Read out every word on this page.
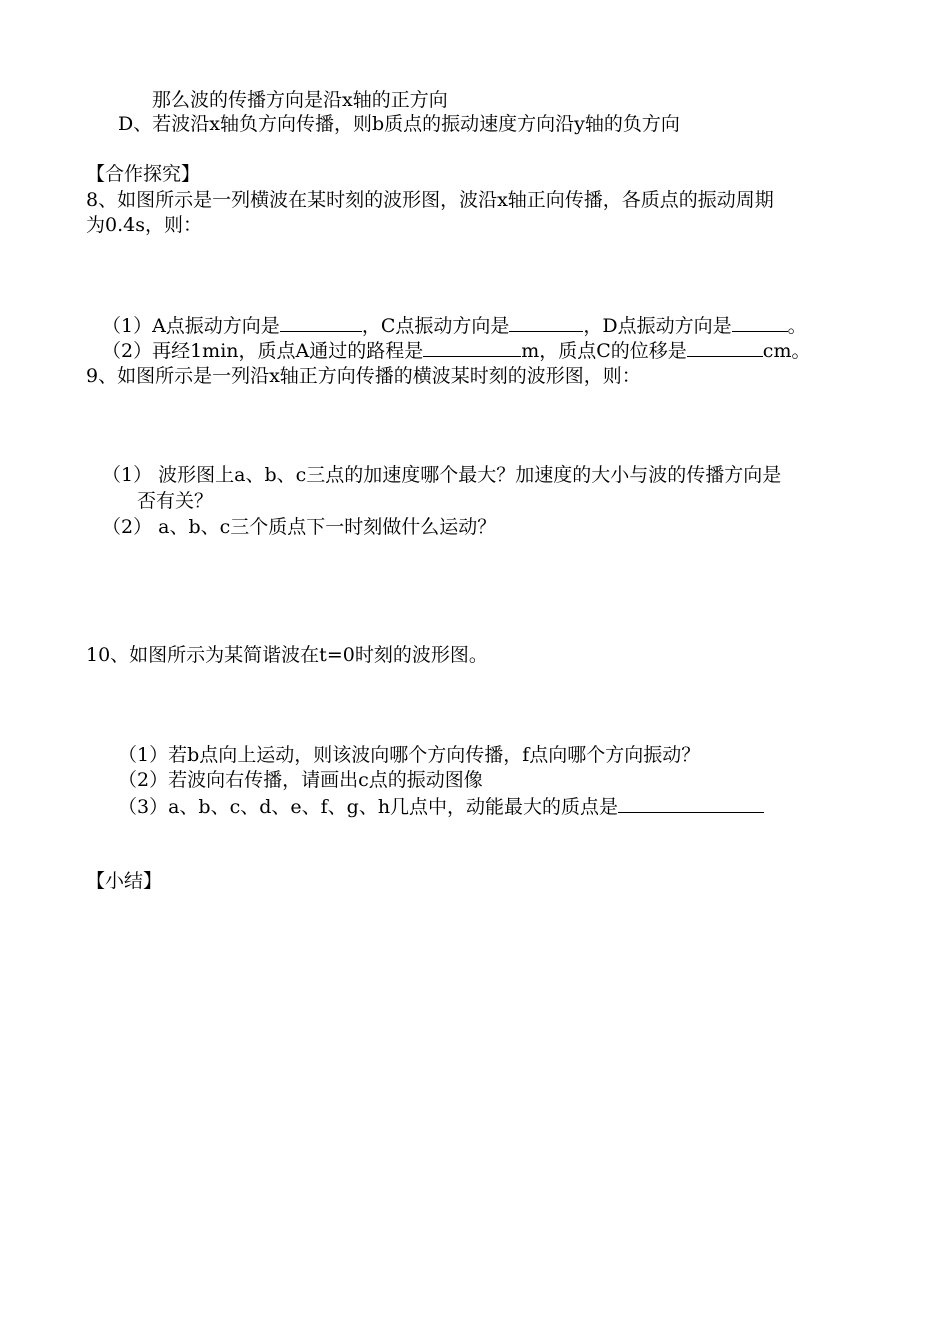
那么波的传播方向是沿x轴的正方向
D、若波沿x轴负方向传播，则b质点的振动速度方向沿y轴的负方向
【合作探究】
8、如图所示是一列横波在某时刻的波形图，波沿x轴正向传播，各质点的振动周期
为0.4s，则：
（1）A点振动方向是	，C点振动方向是	，D点振动方向是	。
（2）再经1min，质点A通过的路程是	m，质点C的位移是	cm。
9、如图所示是一列沿x轴正方向传播的横波某时刻的波形图，则：
（1） 波形图上a、b、c三点的加速度哪个最大？加速度的大小与波的传播方向是
否有关？
（2） a、b、c三个质点下一时刻做什么运动？
10、如图所示为某简谐波在t=0时刻的波形图。
（1）若b点向上运动，则该波向哪个方向传播，f点向哪个方向振动？
（2）若波向右传播，请画出c点的振动图像
（3）a、b、c、d、e、f、g、h几点中，动能最大的质点是
【小结】
